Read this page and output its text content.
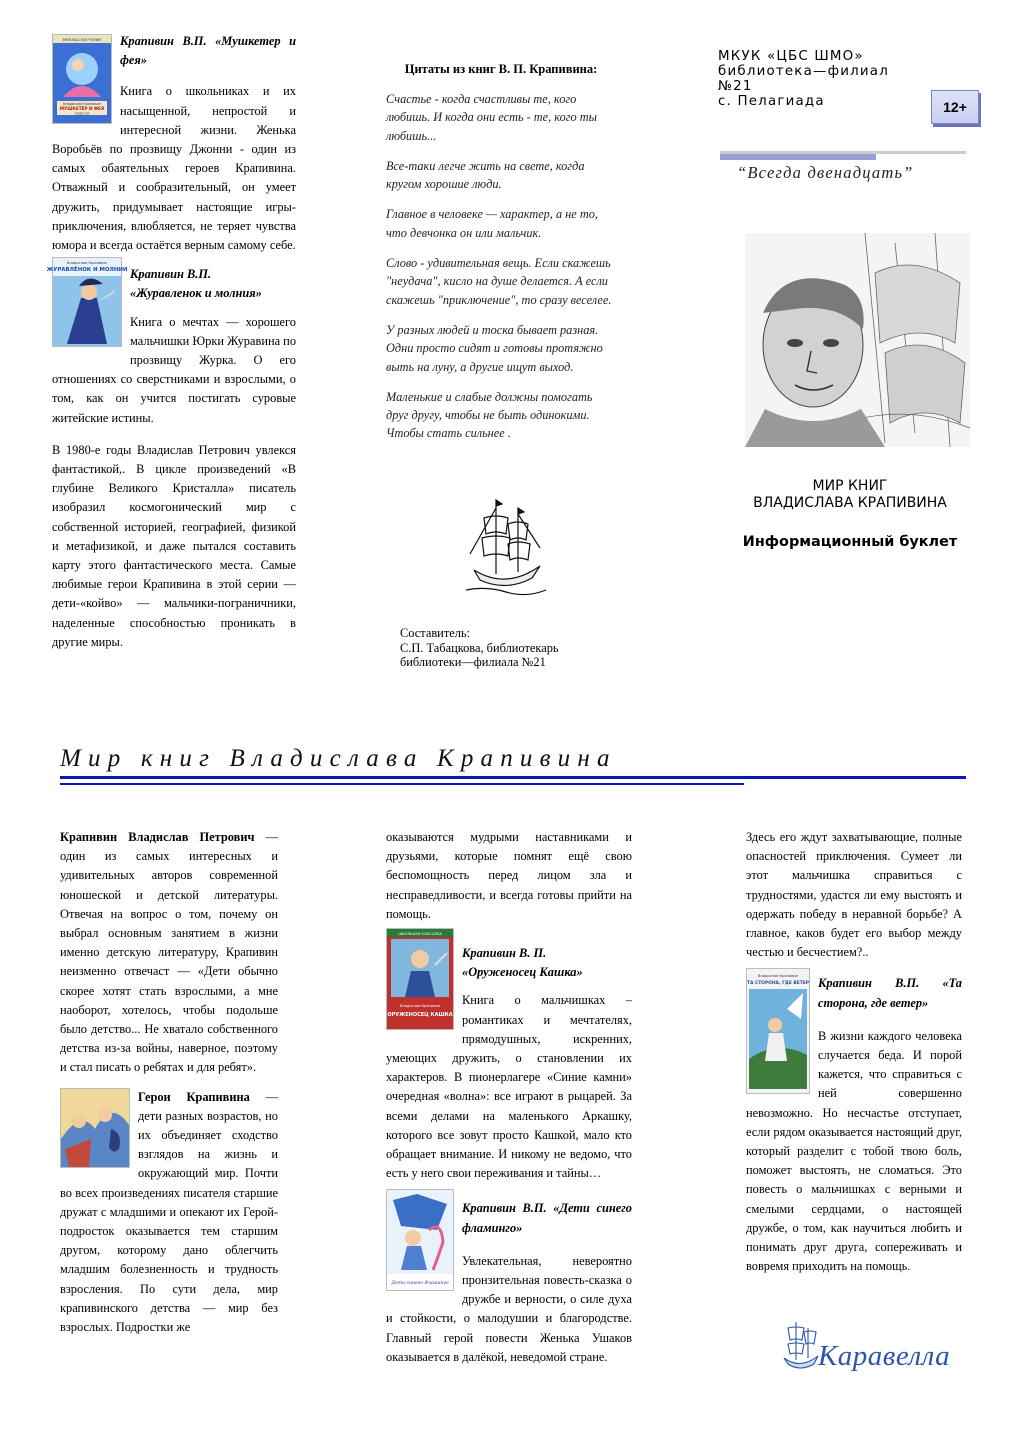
ВНЕКЛАССНОЕ ЧТЕНИЕ
Владислав Крапивин
МУШКЕТЁР И ФЕЯ
ПОВЕСТИ

Крапивин В.П. «Мушкетер и фея»

Книга о школьниках и их насыщенной, непростой и интересной жизни. Женька Воробьёв по прозвищу Джонни - один из самых обаятельных героев Крапивина. Отважный и сообразительный, он умеет дружить, придумывает настоящие игры-приключения, влюбляется, не теряет чувства юмора и всегда остаётся верным самому себе.

Владислав Крапивин
ЖУРАВЛЁНОК И МОЛНИИ Крапивин В.П.

«Журавленок и молния»

Книга о мечтах — хорошего мальчишки Юрки Журавина по прозвищу Журка. О его отношениях со сверстниками и взрослыми, о том, как он учится постигать суровые житейские истины.

В 1980-е годы Владислав Петрович увлекся фантастикой,. В цикле произведений «В глубине Великого Кристалла» писатель изобразил космогонический мир с собственной историей, географией, физикой и метафизикой, и даже пытался составить карту этого фантастического места. Самые любимые герои Крапивина в этой серии — дети-«койво» — мальчики-пограничники, наделенные способностью проникать в другие миры.

Цитаты из книг В. П. Крапивина:

Счастье - когда счастливы те, кого любишь. И когда они есть - те, кого ты любишь...

Все-таки легче жить на свете, когда кругом хорошие люди.

Главное в человеке — характер, а не то, что девчонка он или мальчик.

Слово - удивительная вещь. Если скажешь "неудача", кисло на душе делается. А если скажешь "приключение", то сразу веселее.

У разных людей и тоска бывает разная. Одни просто сидят и готовы протяжно выть на луну, а другие ищут выход.

Маленькие и слабые должны помогать друг другу, чтобы не быть одинокими. Чтобы стать сильнее .

Составитель:

С.П. Табацкова, библиотекарь

библиотеки—филиала №21

МКУК «ЦБС ШМО»

библиотека—филиал №21

с. Пелагиада	12+
“Всегда двенадцать”

МИР КНИГ

ВЛАДИСЛАВА КРАПИВИНА

Информационный буклет
Мир книг Владислава Крапивина

Крапивин Владислав Петрович — один из самых интересных и удивительных авторов современной юношеской и детской литературы. Отвечая на вопрос о том, почему он выбрал основным занятием в жизни именно детскую литературу, Крапивин неизменно отвечаст — «Дети обычно скорее хотят стать взрослыми, а мне наоборот, хотелось, чтобы подольше было детство... Не хватало собственного детства из-за войны, наверное, поэтому и стал писать о ребятах и для ребят».

Герои Крапивина — дети разных возрастов, но их объединяет сходство взглядов на жизнь и окружающий мир. Почти во всех произведениях писателя старшие дружат с младшими и опекают их Герой-подросток оказывается тем старшим другом, которому дано облегчить младшим болезненность и трудность взросления. По сути дела, мир крапивинского детства — мир без взрослых. Подростки же

оказываются мудрыми наставниками и друзьями, которые помнят ещё свою беспомощность перед лицом зла и несправедливости, и всегда готовы прийти на помощь.

ШКОЛЬНАЯ КЛАССИКА
Владислав Крапивин
ОРУЖЕНОСЕЦ КАШКА

Крапивин В. П.

«Оруженосец Кашка»

Книга о мальчишках – романтиках и мечтателях, прямодушных, искренних, умеющих дружить, о становлении их характеров. В пионерлагере «Синие камни» очередная «волна»: все играют в рыцарей. За всеми делами на маленького Аркашку, которого все зовут просто Кашкой, мало кто обращает внимание. И никому не ведомо, что есть у него свои переживания и тайны…

Дети синего Фламинго

Крапивин В.П. «Дети синего фламинго»

Увлекательная, невероятно пронзительная повесть-сказка о дружбе и верности, о силе духа и стойкости, о малодушии и благородстве. Главный герой повести Женька Ушаков оказывается в далёкой, неведомой стране.

Здесь его ждут захватывающие, полные опасностей приключения. Сумеет ли этот мальчишка справиться с трудностями, удастся ли ему выстоять и одержать победу в неравной борьбе? А главное, каков будет его выбор между честью и бесчестием?..

Владислав Крапивин
ТА СТОРОНА, ГДЕ ВЕТЕР Крапивин В.П. «Та сторона, где ветер»

В жизни каждого человека случается беда. И порой кажется, что справиться с ней совершенно невозможно. Но несчастье отступает, если рядом оказывается настоящий друг, который разделит с тобой твою боль, поможет выстоять, не сломаться. Это повесть о мальчишках с верными и смелыми сердцами, о настоящей дружбе, о том, как научиться любить и понимать друг друга, сопереживать и вовремя приходить на помощь.

Каравелла
